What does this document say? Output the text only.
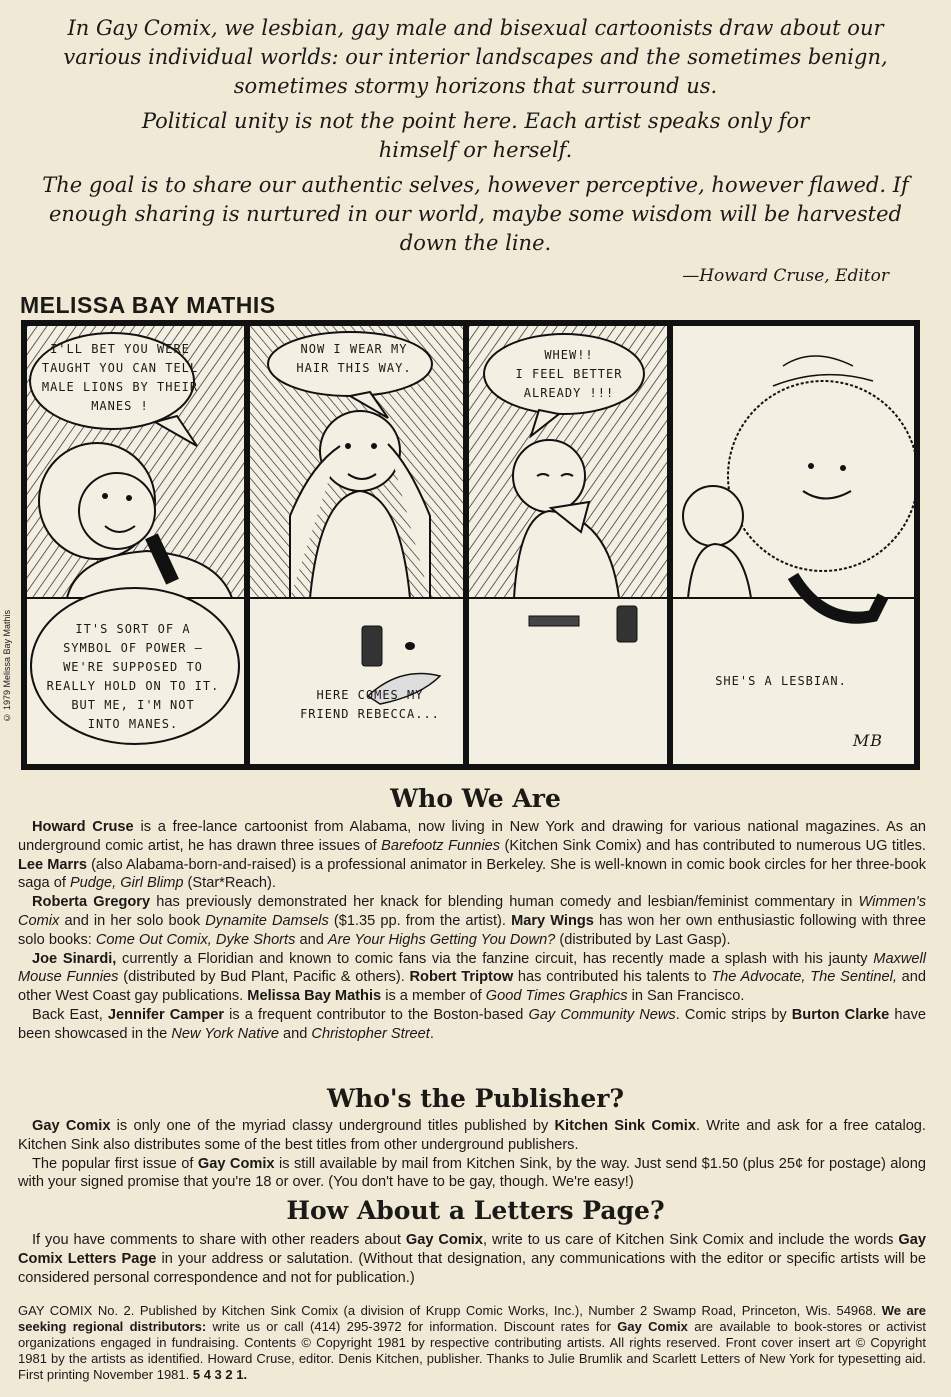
In Gay Comix, we lesbian, gay male and bisexual cartoonists draw about our various individual worlds: our interior landscapes and the sometimes benign, sometimes stormy horizons that surround us.

Political unity is not the point here. Each artist speaks only for himself or herself.

The goal is to share our authentic selves, however perceptive, however flawed. If enough sharing is nurtured in our world, maybe some wisdom will be harvested down the line.

—Howard Cruse, Editor
MELISSA BAY MATHIS
© 1979 Melissa Bay Mathis
I'LL BET YOU WERE
TAUGHT YOU CAN TELL
MALE LIONS BY THEIR
MANES !
IT'S SORT OF A
SYMBOL OF POWER —
WE'RE SUPPOSED TO
REALLY HOLD ON TO IT.
BUT ME, I'M NOT
INTO MANES.
NOW I WEAR MY
HAIR THIS WAY.
HERE COMES MY
FRIEND REBECCA...
WHEW!!
I FEEL BETTER
ALREADY !!!
SHE'S A LESBIAN.
MB
Who We Are

Howard Cruse is a free-lance cartoonist from Alabama, now living in New York and drawing for various national magazines. As an underground comic artist, he has drawn three issues of Barefootz Funnies (Kitchen Sink Comix) and has contributed to numerous UG titles. Lee Marrs (also Alabama-born-and-raised) is a professional animator in Berkeley. She is well-known in comic book circles for her three-book saga of Pudge, Girl Blimp (Star*Reach).

Roberta Gregory has previously demonstrated her knack for blending human comedy and lesbian/feminist commentary in Wimmen's Comix and in her solo book Dynamite Damsels ($1.35 pp. from the artist). Mary Wings has won her own enthusiastic following with three solo books: Come Out Comix, Dyke Shorts and Are Your Highs Getting You Down? (distributed by Last Gasp).

Joe Sinardi, currently a Floridian and known to comic fans via the fanzine circuit, has recently made a splash with his jaunty Maxwell Mouse Funnies (distributed by Bud Plant, Pacific & others). Robert Triptow has contributed his talents to The Advocate, The Sentinel, and other West Coast gay publications. Melissa Bay Mathis is a member of Good Times Graphics in San Francisco.

Back East, Jennifer Camper is a frequent contributor to the Boston-based Gay Community News. Comic strips by Burton Clarke have been showcased in the New York Native and Christopher Street.

Who's the Publisher?

Gay Comix is only one of the myriad classy underground titles published by Kitchen Sink Comix. Write and ask for a free catalog. Kitchen Sink also distributes some of the best titles from other underground publishers.

The popular first issue of Gay Comix is still available by mail from Kitchen Sink, by the way. Just send $1.50 (plus 25¢ for postage) along with your signed promise that you're 18 or over. (You don't have to be gay, though. We're easy!)

How About a Letters Page?

If you have comments to share with other readers about Gay Comix, write to us care of Kitchen Sink Comix and include the words Gay Comix Letters Page in your address or salutation. (Without that designation, any communications with the editor or specific artists will be considered personal correspondence and not for publication.)

GAY COMIX No. 2. Published by Kitchen Sink Comix (a division of Krupp Comic Works, Inc.), Number 2 Swamp Road, Princeton, Wis. 54968. We are seeking regional distributors: write us or call (414) 295-3972 for information. Discount rates for Gay Comix are available to book-stores or activist organizations engaged in fundraising. Contents © Copyright 1981 by respective contributing artists. All rights reserved. Front cover insert art © Copyright 1981 by the artists as identified. Howard Cruse, editor. Denis Kitchen, publisher. Thanks to Julie Brumlik and Scarlett Letters of New York for typesetting aid. First printing November 1981. 5 4 3 2 1.
